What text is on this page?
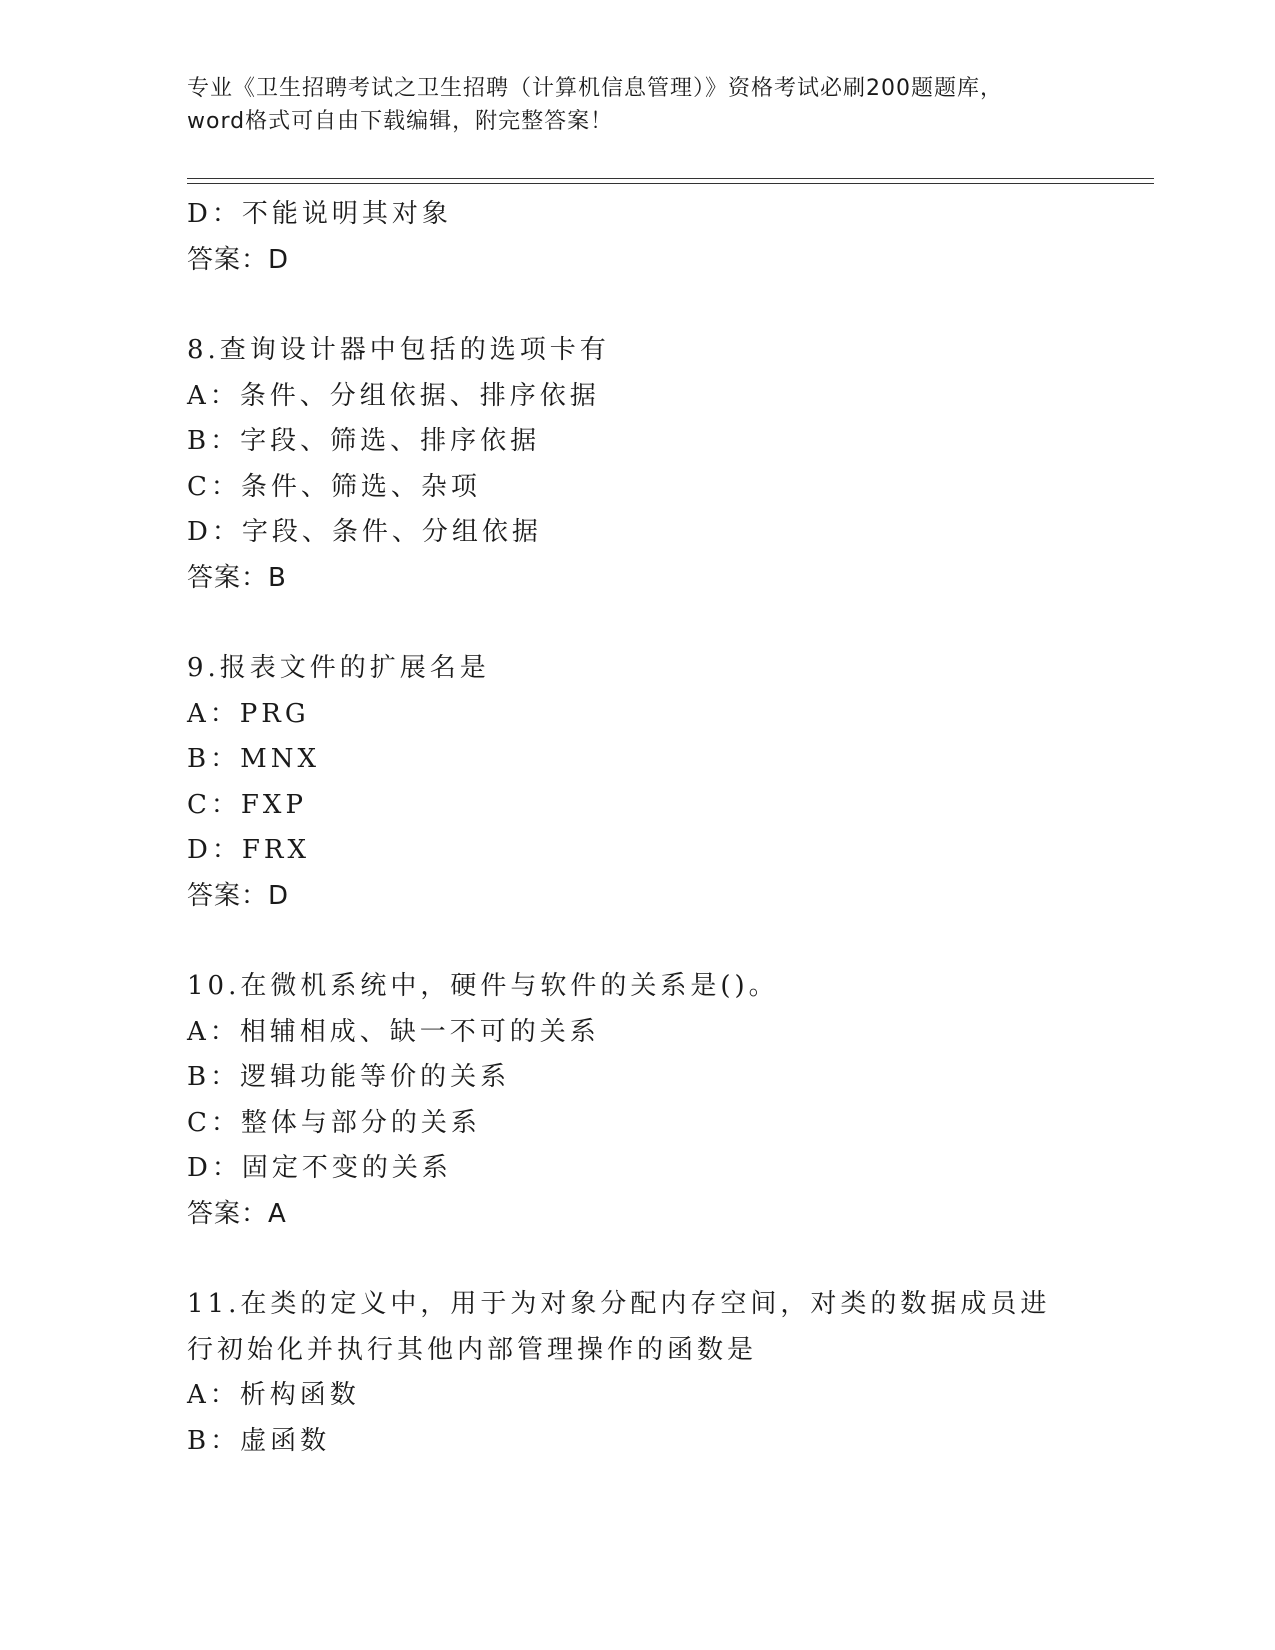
专业《卫生招聘考试之卫生招聘（计算机信息管理）》资格考试必刷200题题库，
word格式可自由下载编辑，附完整答案！
D：不能说明其对象
答案：D
8.查询设计器中包括的选项卡有
A：条件、分组依据、排序依据
B：字段、筛选、排序依据
C：条件、筛选、杂项
D：字段、条件、分组依据
答案：B
9.报表文件的扩展名是
A：PRG
B：MNX
C：FXP
D：FRX
答案：D
10.在微机系统中，硬件与软件的关系是()。
A：相辅相成、缺一不可的关系
B：逻辑功能等价的关系
C：整体与部分的关系
D：固定不变的关系
答案：A
11.在类的定义中，用于为对象分配内存空间，对类的数据成员进行初始化并执行其他内部管理操作的函数是
A：析构函数
B：虚函数
